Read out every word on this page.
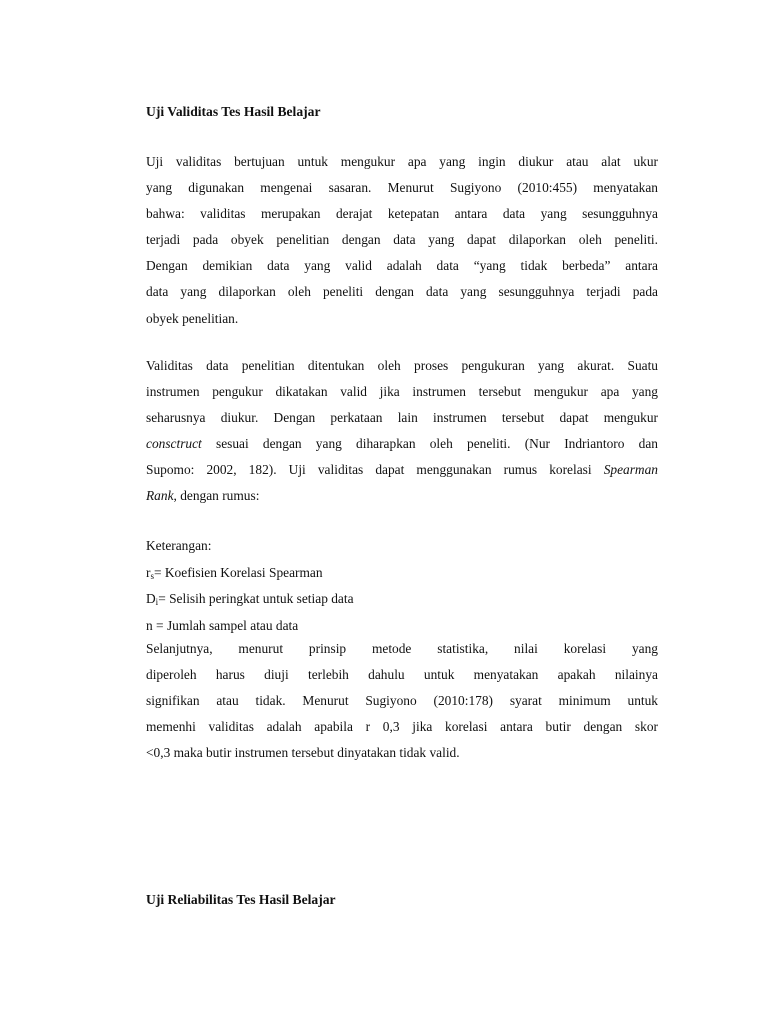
Uji Validitas Tes Hasil Belajar

Uji validitas bertujuan untuk mengukur apa yang ingin diukur atau alat ukur
yang digunakan mengenai sasaran. Menurut Sugiyono (2010:455) menyatakan
bahwa: validitas merupakan derajat ketepatan antara data yang sesungguhnya
terjadi pada obyek penelitian dengan data yang dapat dilaporkan oleh peneliti.
Dengan demikian data yang valid adalah data “yang tidak berbeda” antara
data yang dilaporkan oleh peneliti dengan data yang sesungguhnya terjadi pada
obyek penelitian.
Validitas data penelitian ditentukan oleh proses pengukuran yang akurat. Suatu
instrumen pengukur dikatakan valid jika instrumen tersebut mengukur apa yang
seharusnya diukur. Dengan perkataan lain instrumen tersebut dapat mengukur
consctruct sesuai dengan yang diharapkan oleh peneliti. (Nur Indriantoro dan
Supomo: 2002, 182). Uji validitas dapat menggunakan rumus korelasi Spearman
Rank, dengan rumus:
Keterangan:
$r_s=$ Koefisien Korelasi Spearman
$D_i=$ Selisih peringkat untuk setiap data
n = Jumlah sampel atau data
Selanjutnya, menurut prinsip metode statistika, nilai korelasi yang
diperoleh harus diuji terlebih dahulu untuk menyatakan apakah nilainya
signifikan atau tidak. Menurut Sugiyono (2010:178) syarat minimum untuk
memenhi validitas adalah apabila r 0,3 jika korelasi antara butir dengan skor
<0,3 maka butir instrumen tersebut dinyatakan tidak valid.

Uji Reliabilitas Tes Hasil Belajar
